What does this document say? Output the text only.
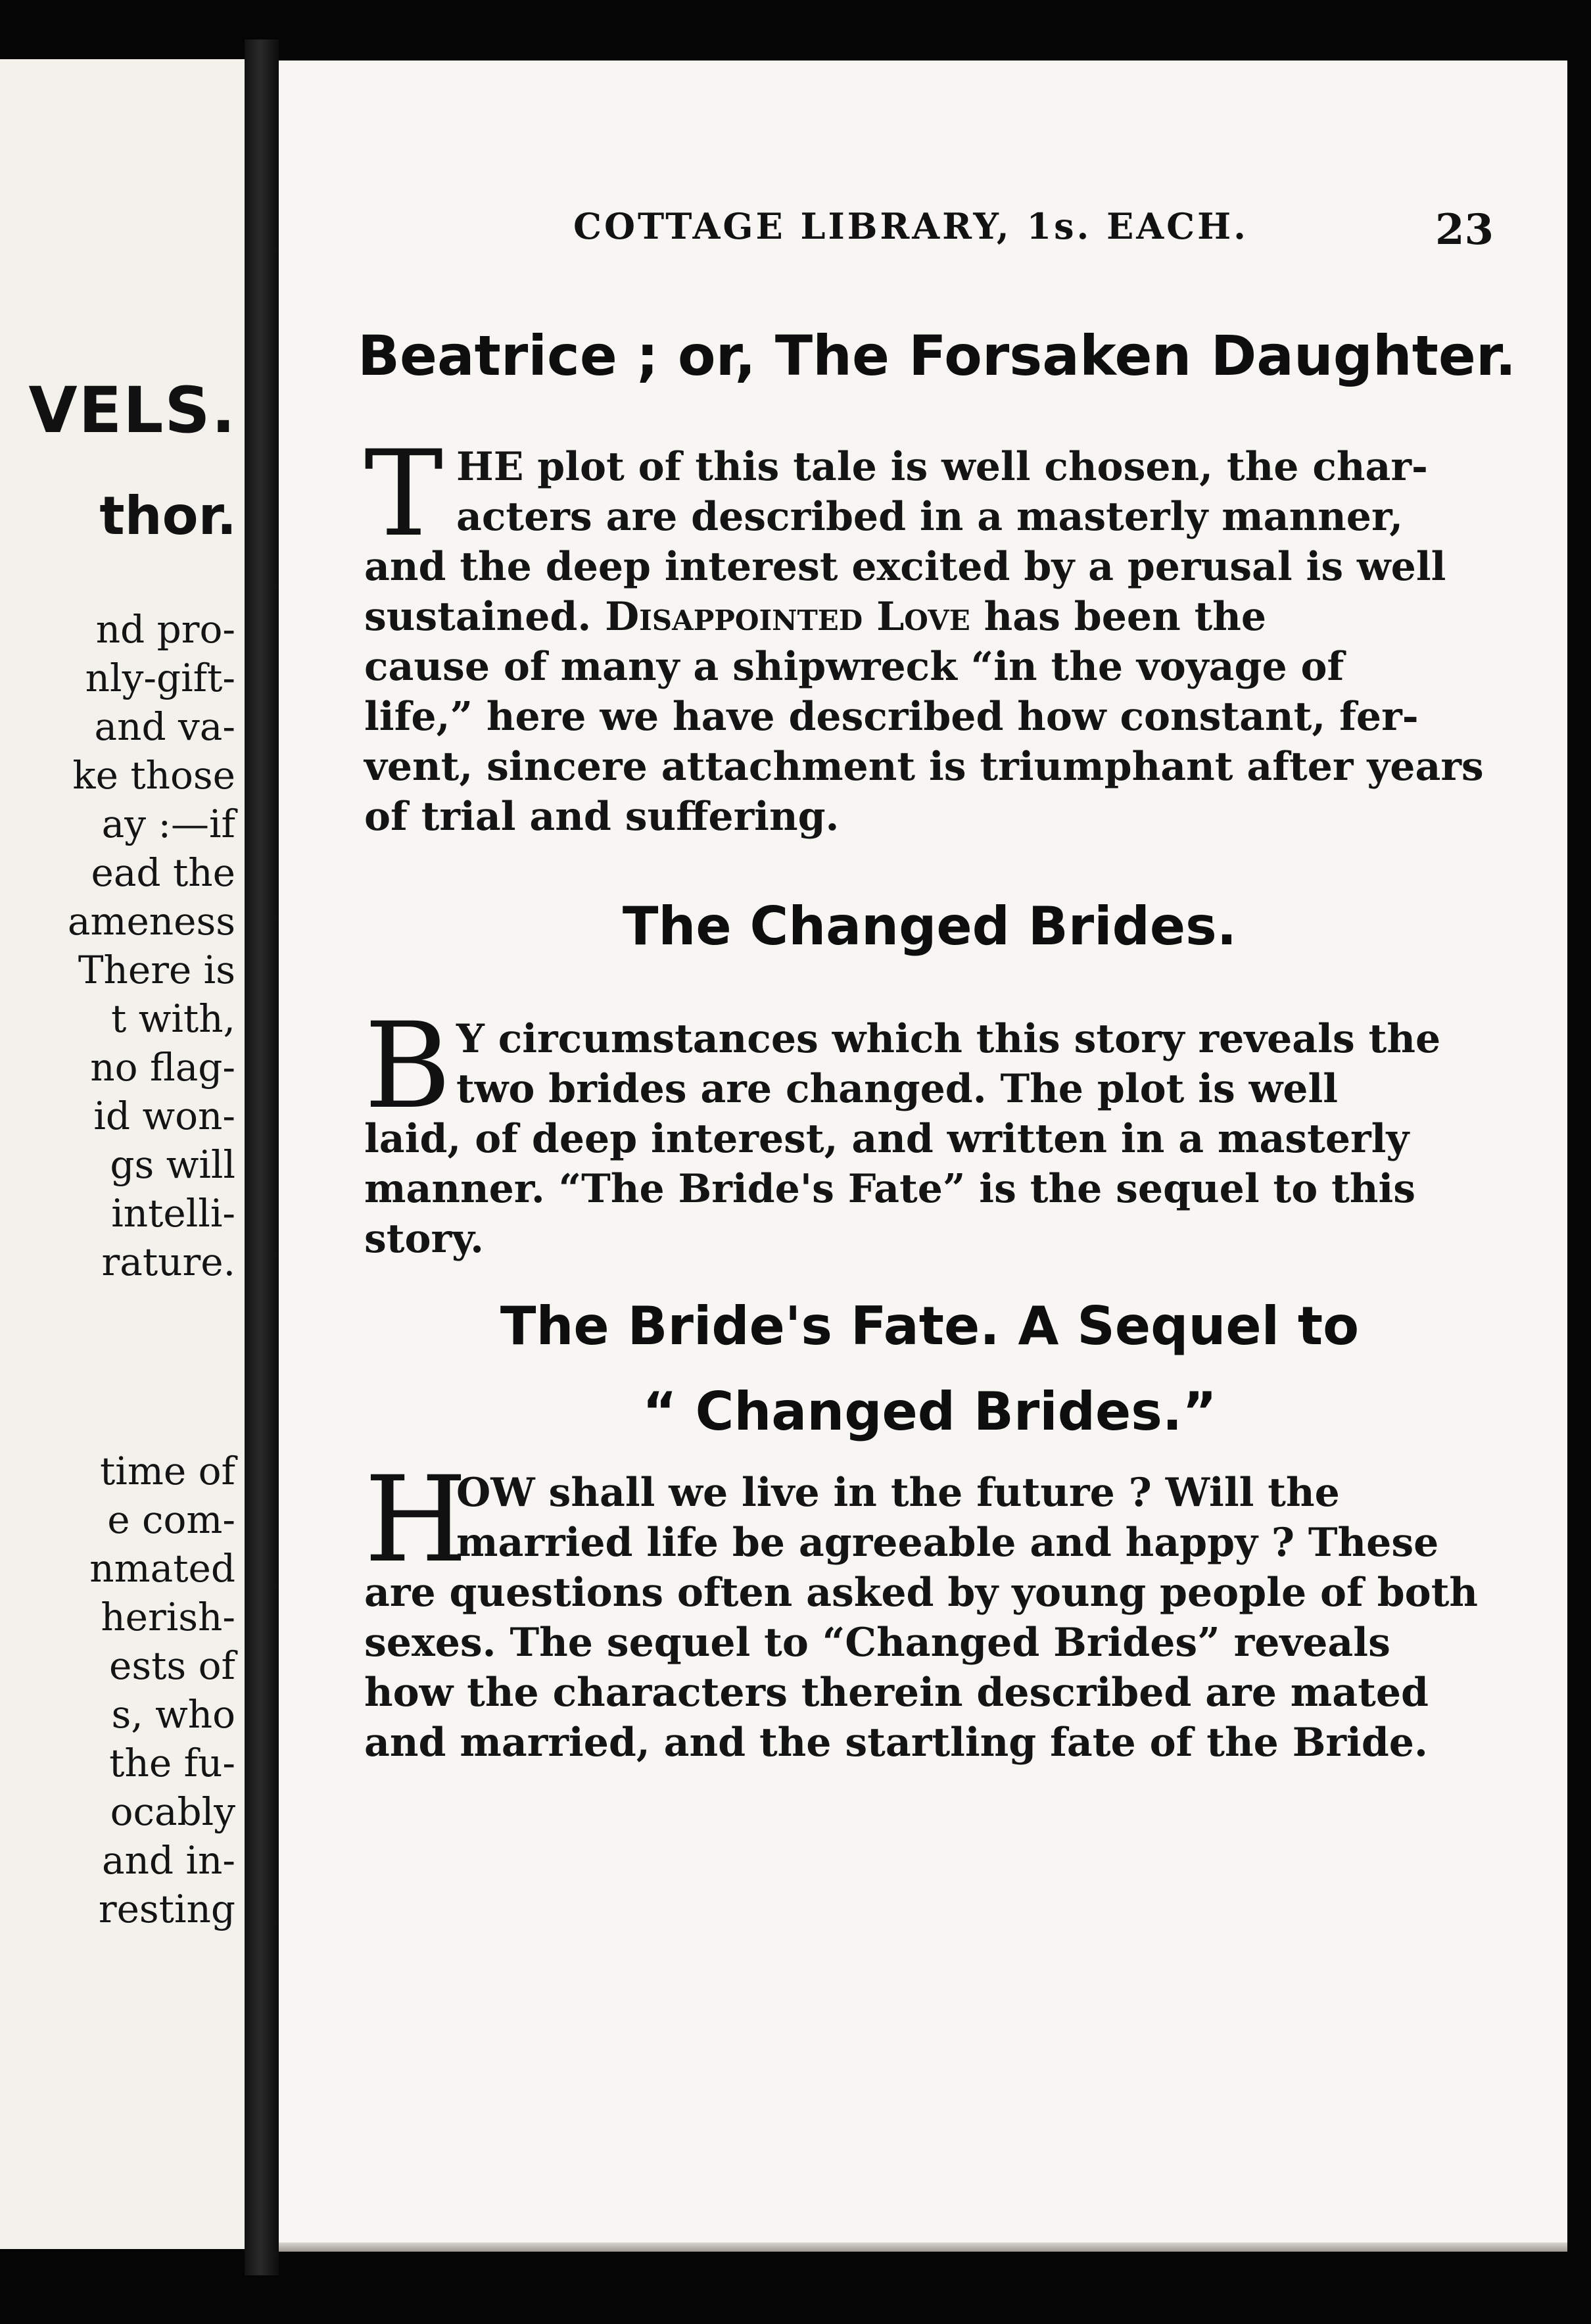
VELS.
thor.
nd pro-
nly-gift-
and va-
ke those
ay :—if
ead the
ameness
There is
t with,
no flag-
id won-
gs will
intelli-
rature.
time of
e com-
nmated
herish-
ests of
s, who
the fu-
ocably
and in-
resting
COTTAGE LIBRARY, 1s. EACH.	23
Beatrice ; or, The Forsaken Daughter.
T HE plot of this tale is well chosen, the char-
acters are described in a masterly manner,
and the deep interest excited by a perusal is well
sustained. Disappointed Love has been the
cause of many a shipwreck “in the voyage of
life,” here we have described how constant, fer-
vent, sincere attachment is triumphant after years
of trial and suffering.
The Changed Brides.
B Y circumstances which this story reveals the
two brides are changed. The plot is well
laid, of deep interest, and written in a masterly
manner. “The Bride's Fate” is the sequel to this
story.
The Bride's Fate. A Sequel to
“ Changed Brides.”
H
OW shall we live in the future ? Will the
married life be agreeable and happy ? These
are questions often asked by young people of both
sexes. The sequel to “Changed Brides” reveals
how the characters therein described are mated
and married, and the startling fate of the Bride.
